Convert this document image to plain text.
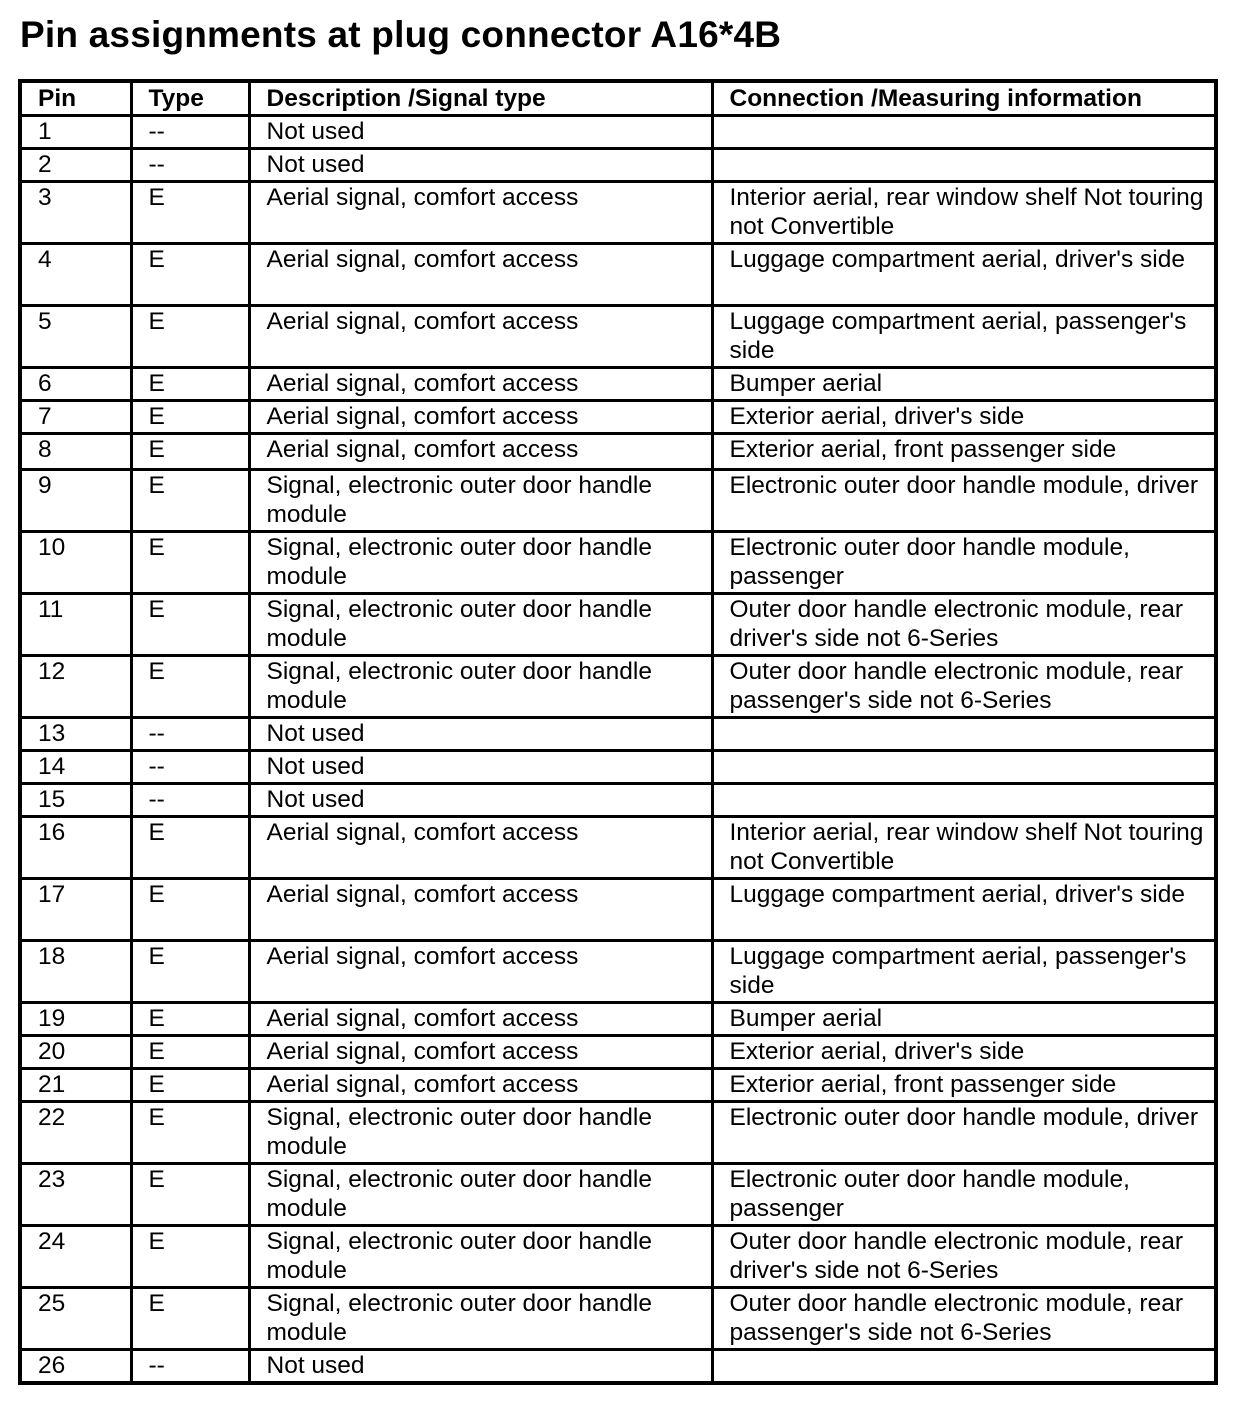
Pin assignments at plug connector A16*4B
Pin	Type	Description /Signal type	Connection /Measuring information
1	--	Not used	
2	--	Not used	
3	E	Aerial signal, comfort access	Interior aerial, rear window shelf Not touring not Convertible
4	E	Aerial signal, comfort access	Luggage compartment aerial, driver's side
5	E	Aerial signal, comfort access	Luggage compartment aerial, passenger's side
6	E	Aerial signal, comfort access	Bumper aerial
7	E	Aerial signal, comfort access	Exterior aerial, driver's side
8	E	Aerial signal, comfort access	Exterior aerial, front passenger side
9	E	Signal, electronic outer door handle module	Electronic outer door handle module, driver
10	E	Signal, electronic outer door handle module	Electronic outer door handle module, passenger
11	E	Signal, electronic outer door handle module	Outer door handle electronic module, rear driver's side not 6-Series
12	E	Signal, electronic outer door handle module	Outer door handle electronic module, rear passenger's side not 6-Series
13	--	Not used	
14	--	Not used	
15	--	Not used	
16	E	Aerial signal, comfort access	Interior aerial, rear window shelf Not touring not Convertible
17	E	Aerial signal, comfort access	Luggage compartment aerial, driver's side
18	E	Aerial signal, comfort access	Luggage compartment aerial, passenger's side
19	E	Aerial signal, comfort access	Bumper aerial
20	E	Aerial signal, comfort access	Exterior aerial, driver's side
21	E	Aerial signal, comfort access	Exterior aerial, front passenger side
22	E	Signal, electronic outer door handle module	Electronic outer door handle module, driver
23	E	Signal, electronic outer door handle module	Electronic outer door handle module, passenger
24	E	Signal, electronic outer door handle module	Outer door handle electronic module, rear driver's side not 6-Series
25	E	Signal, electronic outer door handle module	Outer door handle electronic module, rear passenger's side not 6-Series
26	--	Not used	
